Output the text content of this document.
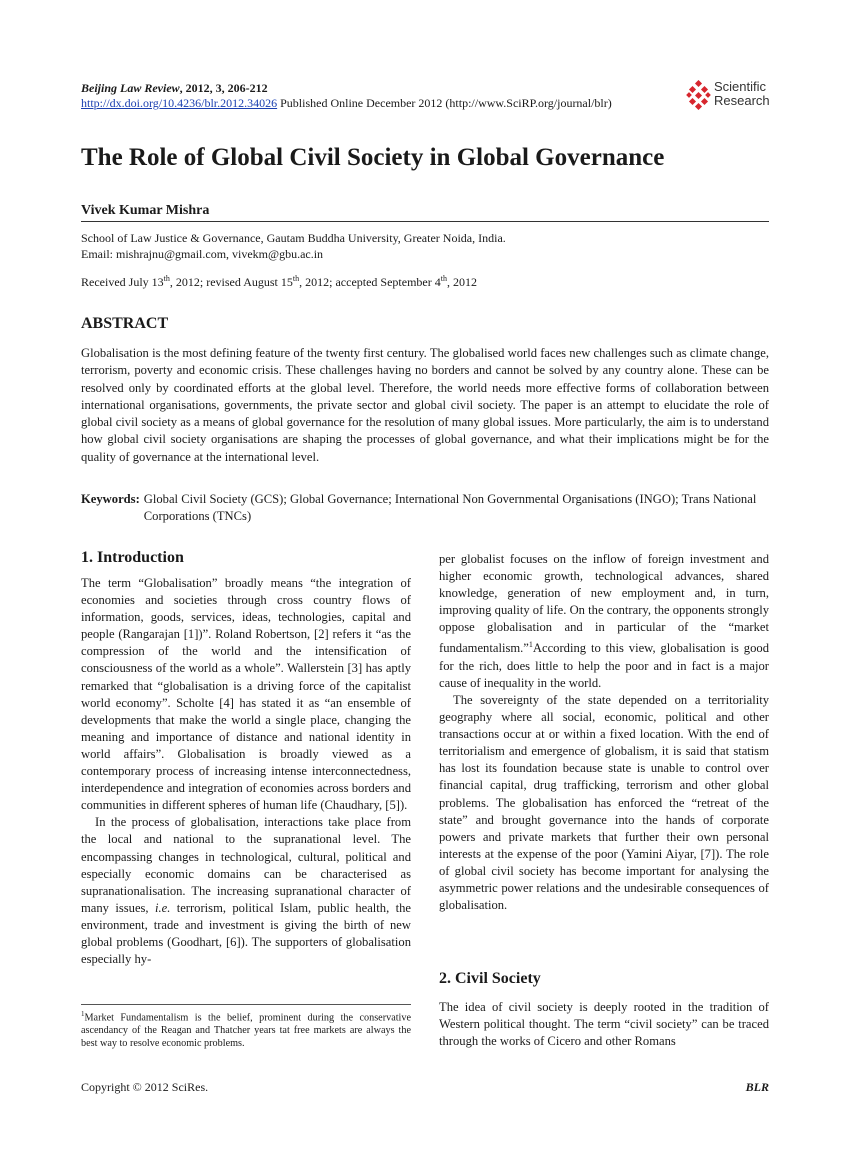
Beijing Law Review, 2012, 3, 206-212
http://dx.doi.org/10.4236/blr.2012.34026 Published Online December 2012 (http://www.SciRP.org/journal/blr)
Scientific
Research
The Role of Global Civil Society in Global Governance
Vivek Kumar Mishra
School of Law Justice & Governance, Gautam Buddha University, Greater Noida, India.
Email: mishrajnu@gmail.com, vivekm@gbu.ac.in
Received July 13th, 2012; revised August 15th, 2012; accepted September 4th, 2012
ABSTRACT
Globalisation is the most defining feature of the twenty first century. The globalised world faces new challenges such as climate change, terrorism, poverty and economic crisis. These challenges having no borders and cannot be solved by any country alone. These can be resolved only by coordinated efforts at the global level. Therefore, the world needs more effective forms of collaboration between international organisations, governments, the private sector and global civil society. The paper is an attempt to elucidate the role of global civil society as a means of global governance for the resolution of many global issues. More particularly, the aim is to understand how global civil society organisations are shaping the processes of global governance, and what their implications might be for the quality of governance at the international level.
Keywords: Global Civil Society (GCS); Global Governance; International Non Governmental Organisations (INGO); Trans National Corporations (TNCs)
1. Introduction

The term “Globalisation” broadly means “the integration of economies and societies through cross country flows of information, goods, services, ideas, technologies, capital and people (Rangarajan [1])”. Roland Robertson, [2] refers it “as the compression of the world and the intensification of consciousness of the world as a whole”. Wallerstein [3] has aptly remarked that “globalisation is a driving force of the capitalist world economy”. Scholte [4] has stated it as “an ensemble of developments that make the world a single place, changing the meaning and importance of distance and national identity in world affairs”. Globalisation is broadly viewed as a contemporary process of increasing intense interconnectedness, interdependence and integration of economies across borders and communities in different spheres of human life (Chaudhary, [5]).

In the process of globalisation, interactions take place from the local and national to the supranational level. The encompassing changes in technological, cultural, political and especially economic domains can be characterised as supranationalisation. The increasing supranational character of many issues, i.e. terrorism, political Islam, public health, the environment, trade and investment is giving the birth of new global problems (Goodhart, [6]). The supporters of globalisation especially hy-

$^1$Market Fundamentalism is the belief, prominent during the conservative ascendancy of the Reagan and Thatcher years tat free markets are always the best way to resolve economic problems.

per globalist focuses on the inflow of foreign investment and higher economic growth, technological advances, shared knowledge, generation of new employment and, in turn, improving quality of life. On the contrary, the opponents strongly oppose globalisation and in particular of the “market fundamentalism.”$^1$According to this view, globalisation is good for the rich, does little to help the poor and in fact is a major cause of inequality in the world.

The sovereignty of the state depended on a territoriality geography where all social, economic, political and other transactions occur at or within a fixed location. With the end of territorialism and emergence of globalism, it is said that statism has lost its foundation because state is unable to control over financial capital, drug trafficking, terrorism and other global problems. The globalisation has enforced the “retreat of the state” and brought governance into the hands of corporate powers and private markets that further their own personal interests at the expense of the poor (Yamini Aiyar, [7]). The role of global civil society has become important for analysing the asymmetric power relations and the undesirable consequences of globalisation.

2. Civil Society

The idea of civil society is deeply rooted in the tradition of Western political thought. The term “civil society” can be traced through the works of Cicero and other Romans

Copyright © 2012 SciRes.	BLR
